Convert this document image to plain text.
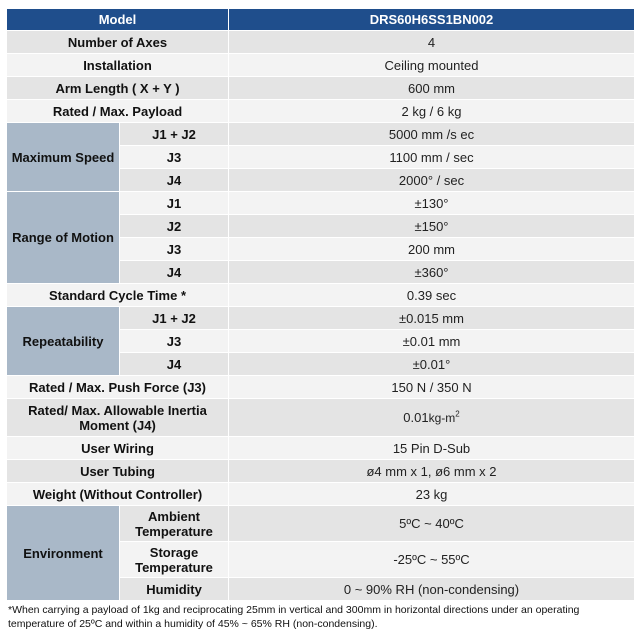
Model		DRS60H6SS1BN002
Number of Axes		4
Installation		Ceiling mounted
Arm Length ( X + Y )		600 mm
Rated / Max. Payload		2 kg / 6 kg
Maximum Speed	J1 + J2	5000 mm /s ec
	J3	1100 mm / sec
	J4	2000° / sec
Range of Motion	J1	±130°
	J2	±150°
	J3	200 mm
	J4	±360°
Standard Cycle Time *		0.39 sec
Repeatability	J1 + J2	±0.015 mm
	J3	±0.01 mm
	J4	±0.01°
Rated / Max. Push Force (J3)		150 N / 350 N
Rated/ Max. Allowable Inertia Moment (J4)		$0.01kg-m^2$
User Wiring		15 Pin D-Sub
User Tubing		ø4 mm x 1, ø6 mm x 2
Weight (Without Controller)		23 kg
Environment	Ambient Temperature	5ºC ~ 40ºC
	Storage Temperature	-25ºC ~ 55ºC
	Humidity	0 ~ 90% RH (non-condensing)

*When carrying a payload of 1kg and reciprocating 25mm in vertical and 300mm in horizontal directions under an operating temperature of 25ºC and within a humidity of 45% ~ 65% RH (non-condensing).
